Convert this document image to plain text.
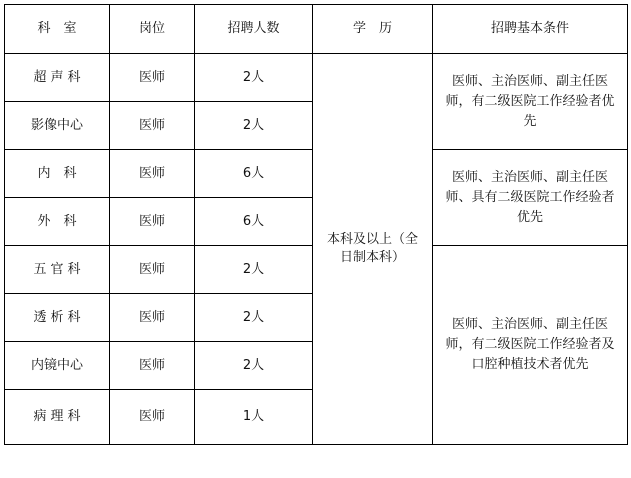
科　室	岗位	招聘人数	学　历	招聘基本条件
超声科	医师	2人	本科及以上（全日制本科）	医师、主治医师、副主任医师，有二级医院工作经验者优先
影像中心	医师	2人		
内　科	医师	6人		医师、主治医师、副主任医师、具有二级医院工作经验者优先
外　科	医师	6人		
五官科	医师	2人		医师、主治医师、副主任医师，有二级医院工作经验者及口腔种植技术者优先
透析科	医师	2人		
内镜中心	医师	2人		
病理科	医师	1人		
